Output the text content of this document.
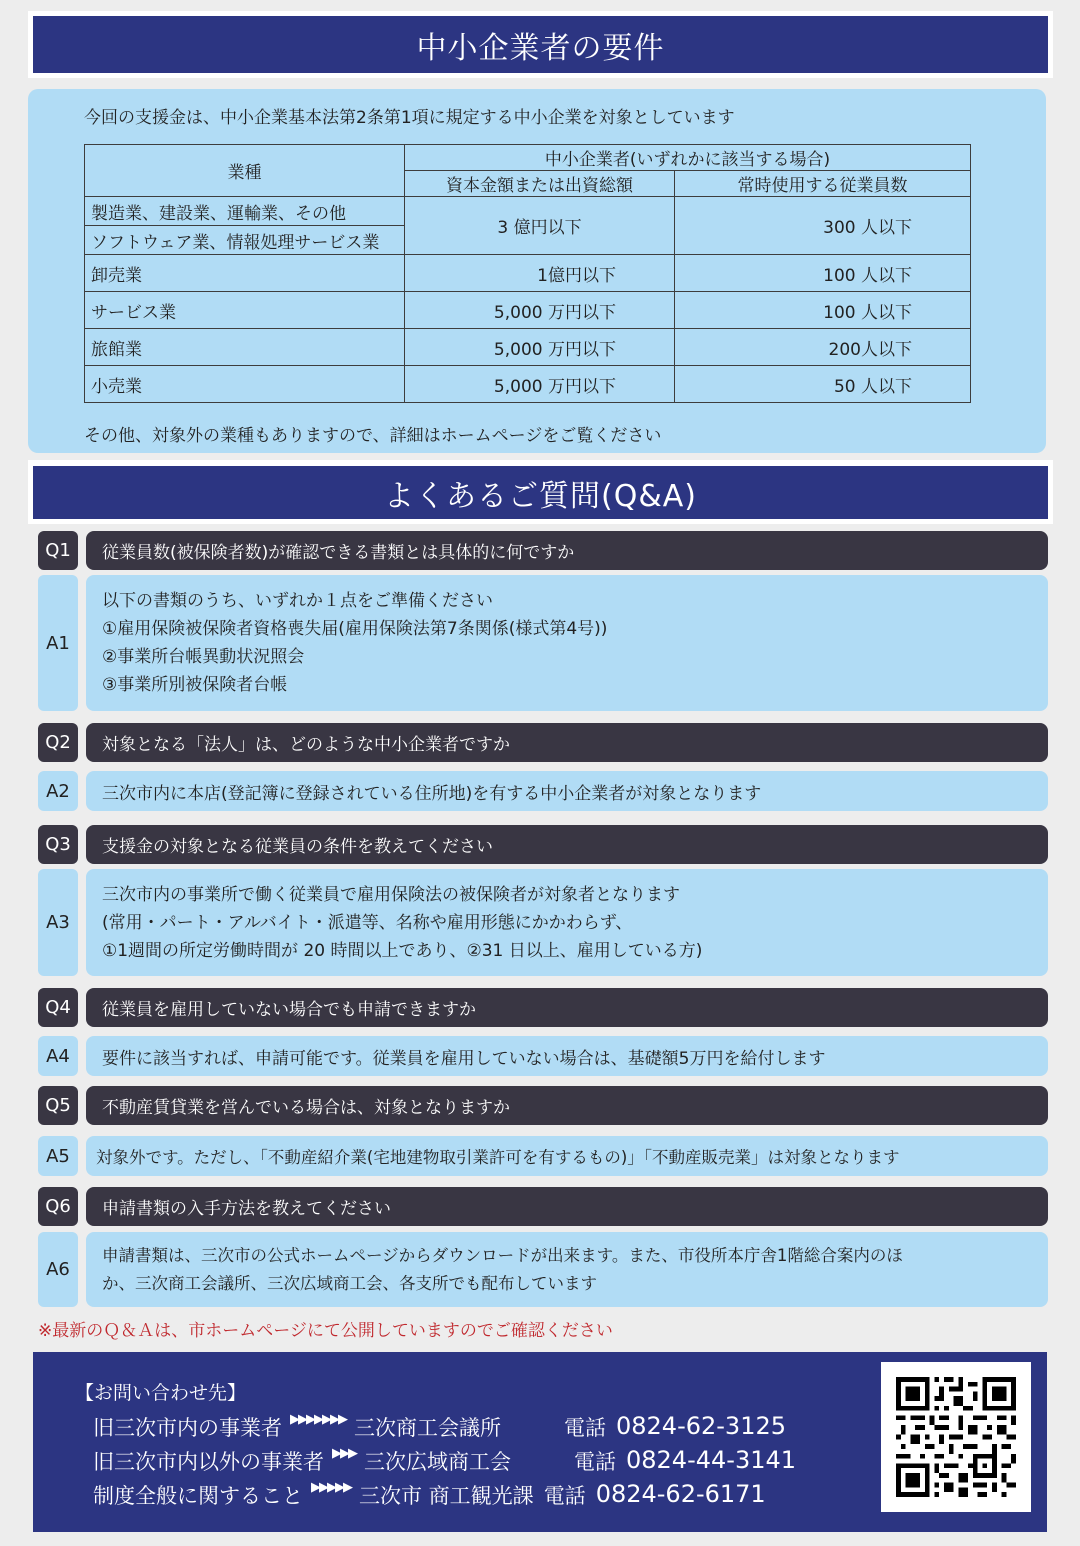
中小企業者の要件
今回の支援金は、中小企業基本法第2条第1項に規定する中小企業を対象としています
業種	中小企業者(いずれかに該当する場合)	
	資本金額または出資総額	常時使用する従業員数
製造業、建設業、運輸業、その他	3 億円以下	300 人以下
ソフトウェア業、情報処理サービス業		
卸売業	1億円以下	100 人以下
サービス業	5,000 万円以下	100 人以下
旅館業	5,000 万円以下	200人以下
小売業	5,000 万円以下	50 人以下
その他、対象外の業種もありますので、詳細はホームページをご覧ください
よくあるご質問(Q&A)
Q1	従業員数(被保険者数)が確認できる書類とは具体的に何ですか
A1
以下の書類のうち、いずれか１点をご準備ください
①雇用保険被保険者資格喪失届(雇用保険法第7条関係(様式第4号))
②事業所台帳異動状況照会
③事業所別被保険者台帳
Q2	対象となる「法人」は、どのような中小企業者ですか
A2	三次市内に本店(登記簿に登録されている住所地)を有する中小企業者が対象となります
Q3	支援金の対象となる従業員の条件を教えてください
A3
三次市内の事業所で働く従業員で雇用保険法の被保険者が対象者となります
(常用・パート・アルバイト・派遣等、名称や雇用形態にかかわらず、
①1週間の所定労働時間が 20 時間以上であり、②31 日以上、雇用している方)
Q4	従業員を雇用していない場合でも申請できますか
A4	要件に該当すれば、申請可能です。従業員を雇用していない場合は、基礎額5万円を給付します
Q5	不動産賃貸業を営んでいる場合は、対象となりますか
A5	対象外です。ただし、「不動産紹介業(宅地建物取引業許可を有するもの)」「不動産販売業」は対象となります
Q6	申請書類の入手方法を教えてください
A6
申請書類は、三次市の公式ホームページからダウンロードが出来ます。また、市役所本庁舎1階総合案内のほ
か、三次商工会議所、三次広域商工会、各支所でも配布しています
※最新のＱ＆Ａは、市ホームページにて公開していますのでご確認ください
【お問い合わせ先】
旧三次市内の事業者 ▶▶▶▶▶▶▶ 三次商工会議所	電話 0824-62-3125
旧三次市内以外の事業者 ▶▶▶ 三次広域商工会	電話 0824-44-3141
制度全般に関すること ▶▶▶▶▶ 三次市 商工観光課 電話 0824-62-6171
